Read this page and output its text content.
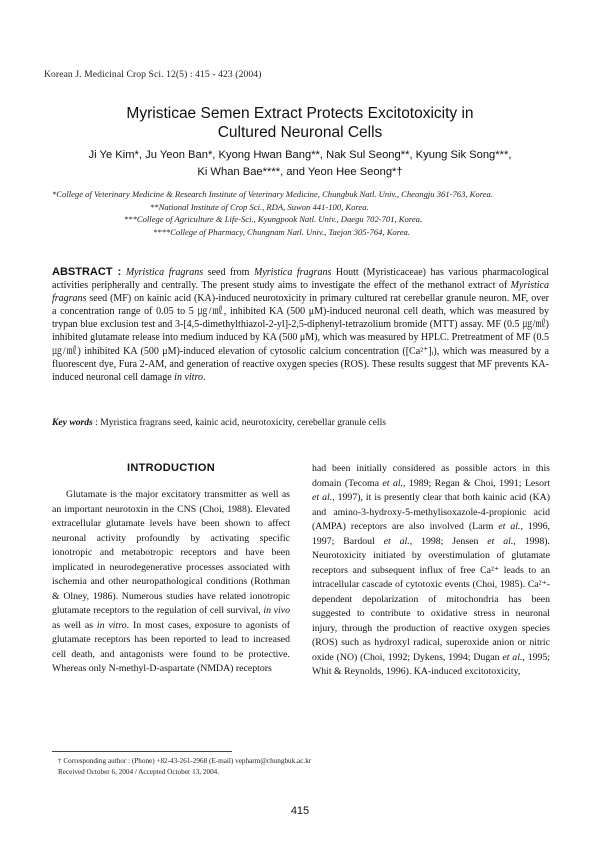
Korean J. Medicinal Crop Sci. 12(5) : 415 - 423 (2004)
Myristicae Semen Extract Protects Excitotoxicity in
Cultured Neuronal Cells
Ji Ye Kim*, Ju Yeon Ban*, Kyong Hwan Bang**, Nak Sul Seong**, Kyung Sik Song***,
Ki Whan Bae****, and Yeon Hee Seong*†
*College of Veterinary Medicine & Research Institute of Veterinary Medicine, Chungbuk Natl. Univ., Cheongju 361-763, Korea.
**National Institute of Crop Sci., RDA, Suwon 441-100, Korea.
***College of Agriculture & Life-Sci., Kyungpook Natl. Univ., Daegu 702-701, Korea.
****College of Pharmacy, Chungnam Natl. Univ., Taejon 305-764, Korea.
ABSTRACT : Myristica fragrans seed from Myristica fragrans Houtt (Myristicaceae) has various pharmacological activities peripherally and centrally. The present study aims to investigate the effect of the methanol extract of Myristica fragrans seed (MF) on kainic acid (KA)-induced neurotoxicity in primary cultured rat cerebellar granule neuron. MF, over a concentration range of 0.05 to 5 ㎍/㎖, inhibited KA (500 μM)-induced neuronal cell death, which was measured by trypan blue exclusion test and 3-[4,5-dimethylthiazol-2-yl]-2,5-diphenyl-tetrazolium bromide (MTT) assay. MF (0.5 ㎍/㎖) inhibited glutamate release into medium induced by KA (500 μM), which was measured by HPLC. Pretreatment of MF (0.5 ㎍/㎖) inhibited KA (500 μM)-induced elevation of cytosolic calcium concentration ([Ca²⁺]ᵢ), which was measured by a fluorescent dye, Fura 2-AM, and generation of reactive oxygen species (ROS). These results suggest that MF prevents KA-induced neuronal cell damage in vitro.
Key words : Myristica fragrans seed, kainic acid, neurotoxicity, cerebellar granule cells
INTRODUCTION

Glutamate is the major excitatory transmitter as well as an important neurotoxin in the CNS (Choi, 1988). Elevated extracellular glutamate levels have been shown to affect neuronal activity profoundly by activating specific ionotropic and metabotropic receptors and have been implicated in neurodegenerative processes associated with ischemia and other neuropathological conditions (Rothman & Olney, 1986). Numerous studies have related ionotropic glutamate receptors to the regulation of cell survival, in vivo as well as in vitro. In most cases, exposure to agonists of glutamate receptors has been reported to lead to increased cell death, and antagonists were found to be protective. Whereas only N-methyl-D-aspartate (NMDA) receptors

had been initially considered as possible actors in this domain (Tecoma et al., 1989; Regan & Choi, 1991; Lesort et al., 1997), it is presently clear that both kainic acid (KA) and amino-3-hydroxy-5-methylisoxazole-4-propionic acid (AMPA) receptors are also involved (Larm et al., 1996, 1997; Bardoul et al., 1998; Jensen et al., 1998). Neurotoxicity initiated by overstimulation of glutamate receptors and subsequent influx of free Ca²⁺ leads to an intracellular cascade of cytotoxic events (Choi, 1985). Ca²⁺-dependent depolarization of mitochondria has been suggested to contribute to oxidative stress in neuronal injury, through the production of reactive oxygen species (ROS) such as hydroxyl radical, superoxide anion or nitric oxide (NO) (Choi, 1992; Dykens, 1994; Dugan et al., 1995; Whit & Reynolds, 1996). KA-induced excitotoxicity,

† Corresponding author : (Phone) +82-43-261-2968 (E-mail) vepharm@chungbuk.ac.kr
Received October 6, 2004 / Accepted October 13, 2004.
415
